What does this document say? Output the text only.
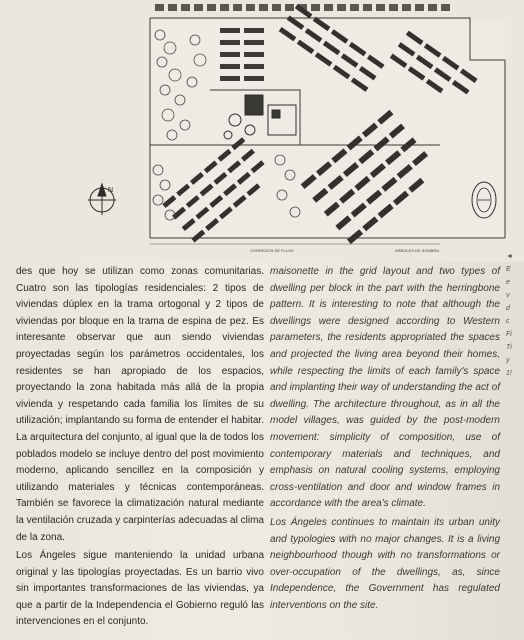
N
CORREDOR DE FLUJO	ARBOLES DE SOMBRA

des que hoy se utilizan como zonas comunitarias. Cuatro son las tipologías residenciales: 2 tipos de viviendas dúplex en la trama ortogonal y 2 tipos de viviendas por bloque en la trama de espina de pez. Es interesante observar que aun siendo viviendas proyectadas según los parámetros occidentales, los residentes se han apropiado de los espacios, proyectando la zona habitada más allá de la propia vivienda y respetando cada familia los límites de su utilización; implantando su forma de entender el habitar. La arquitectura del conjunto, al igual que la de todos los poblados modelo se incluye dentro del post movimiento moderno, aplicando sencillez en la composición y utilizando materiales y técnicas contemporáneas. También se favorece la climatización natural mediante la ventilación cruzada y carpinterías adecuadas al clima de la zona.

Los Ángeles sigue manteniendo la unidad urbana original y las tipologías proyectadas. Es un barrio vivo sin importantes transformaciones de las viviendas, ya que a partir de la Independencia el Gobierno reguló las intervenciones en el conjunto.

maisonette in the grid layout and two types of dwelling per block in the part with the herringbone pattern. It is interesting to note that although the dwellings were designed according to Western parameters, the residents appropriated the spaces and projected the living area beyond their homes, while respecting the limits of each family's space and implanting their way of understanding the act of dwelling. The architecture throughout, as in all the model villages, was guided by the post-modern movement: simplicity of composition, use of contemporary materials and techniques, and emphasis on natural cooling systems, employing cross-ventilation and door and window frames in accordance with the area's climate.

Los Ángeles continues to maintain its urban unity and typologies with no major changes. It is a living neighbourhood though with no transformations or over-occupation of the dwellings, as, since Independence, the Government has regulated interventions on the site.

◄
E
e
v
d
c
Fi
Ti
y
1!
